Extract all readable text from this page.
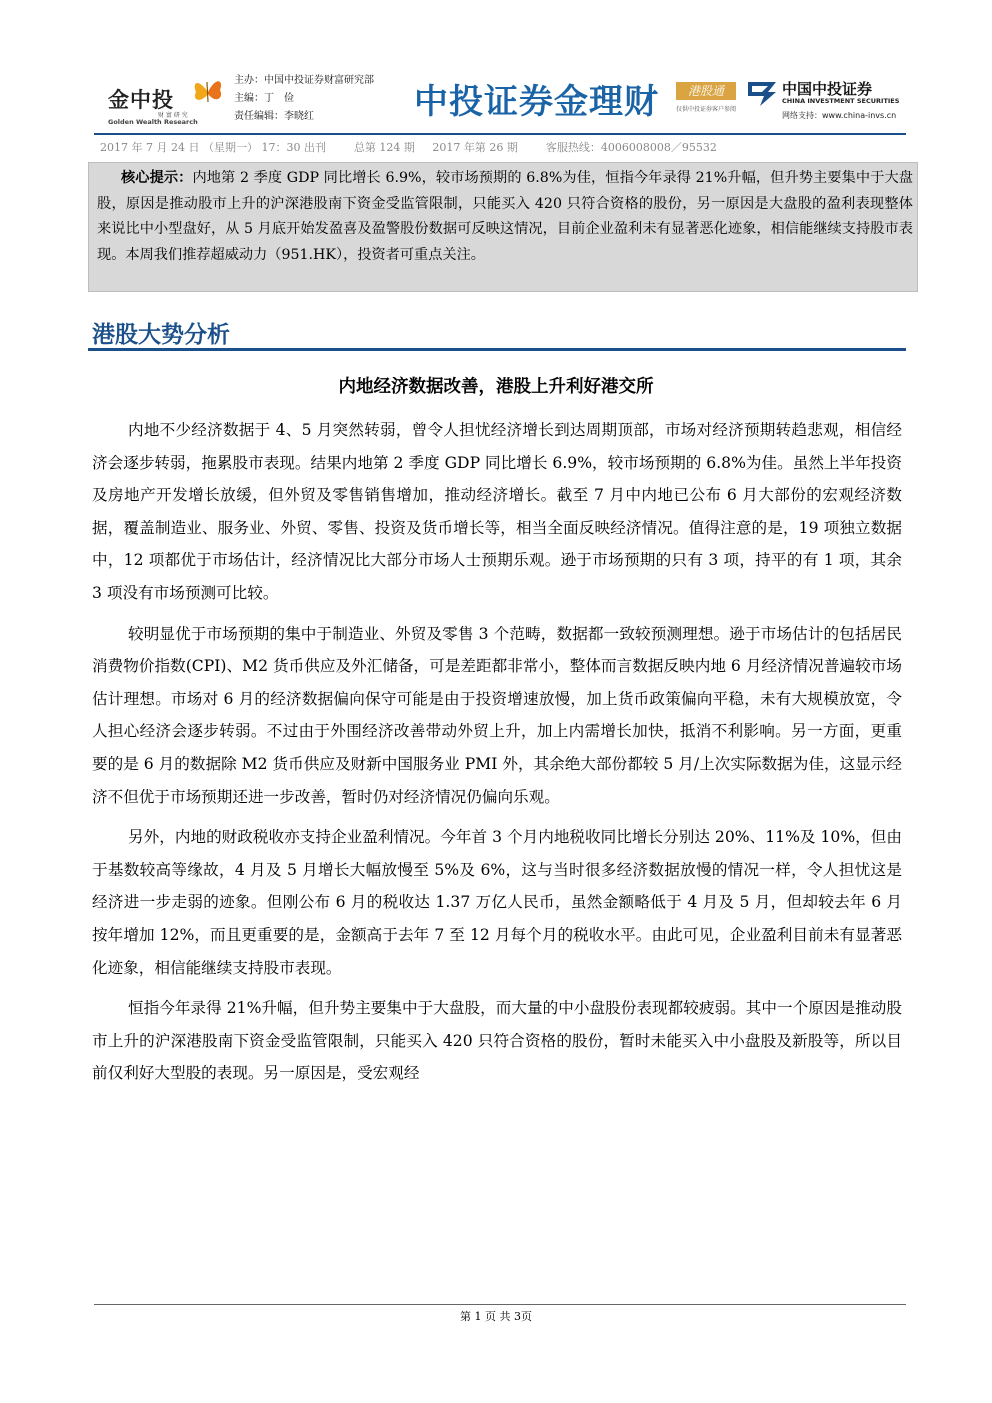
金中投
财 富 研 究
Golden Wealth Research
主办：中国中投证券财富研究部
主编：丁　俭
责任编辑：李晓红	中投证券金理财	港股通
仅供中投证券客户参阅
中国中投证券
CHINA INVESTMENT SECURITIES
网络支持：www.china-invs.cn
2017 年 7 月 24 日 （星期一） 17：30 出刊        总第 124 期     2017 年第 26 期        客服热线：4006008008／95532
核心提示：内地第 2 季度 GDP 同比增长 6.9%，较市场预期的 6.8%为佳，恒指今年录得 21%升幅，但升势主要集中于大盘股，原因是推动股市上升的沪深港股南下资金受监管限制，只能买入 420 只符合资格的股份，另一原因是大盘股的盈利表现整体来说比中小型盘好，从 5 月底开始发盈喜及盈警股份数据可反映这情况，目前企业盈利未有显著恶化迹象，相信能继续支持股市表现。本周我们推荐超威动力（951.HK），投资者可重点关注。
港股大势分析
内地经济数据改善，港股上升利好港交所

内地不少经济数据于 4、5 月突然转弱，曾令人担忧经济增长到达周期顶部，市场对经济预期转趋悲观，相信经济会逐步转弱，拖累股市表现。结果内地第 2 季度 GDP 同比增长 6.9%，较市场预期的 6.8%为佳。虽然上半年投资及房地产开发增长放缓，但外贸及零售销售增加，推动经济增长。截至 7 月中内地已公布 6 月大部份的宏观经济数据，覆盖制造业、服务业、外贸、零售、投资及货币增长等，相当全面反映经济情况。值得注意的是，19 项独立数据中，12 项都优于市场估计，经济情况比大部分市场人士预期乐观。逊于市场预期的只有 3 项，持平的有 1 项，其余 3 项没有市场预测可比较。

较明显优于市场预期的集中于制造业、外贸及零售 3 个范畴，数据都一致较预测理想。逊于市场估计的包括居民消费物价指数(CPI)、M2 货币供应及外汇储备，可是差距都非常小，整体而言数据反映内地 6 月经济情况普遍较市场估计理想。市场对 6 月的经济数据偏向保守可能是由于投资增速放慢，加上货币政策偏向平稳，未有大规模放宽，令人担心经济会逐步转弱。不过由于外围经济改善带动外贸上升，加上内需增长加快，抵消不利影响。另一方面，更重要的是 6 月的数据除 M2 货币供应及财新中国服务业 PMI 外，其余绝大部份都较 5 月/上次实际数据为佳，这显示经济不但优于市场预期还进一步改善，暂时仍对经济情况仍偏向乐观。

另外，内地的财政税收亦支持企业盈利情况。今年首 3 个月内地税收同比增长分别达 20%、11%及 10%，但由于基数较高等缘故，4 月及 5 月增长大幅放慢至 5%及 6%，这与当时很多经济数据放慢的情况一样，令人担忧这是经济进一步走弱的迹象。但刚公布 6 月的税收达 1.37 万亿人民币，虽然金额略低于 4 月及 5 月，但却较去年 6 月按年增加 12%，而且更重要的是，金额高于去年 7 至 12 月每个月的税收水平。由此可见，企业盈利目前未有显著恶化迹象，相信能继续支持股市表现。

恒指今年录得 21%升幅，但升势主要集中于大盘股，而大量的中小盘股份表现都较疲弱。其中一个原因是推动股市上升的沪深港股南下资金受监管限制，只能买入 420 只符合资格的股份，暂时未能买入中小盘股及新股等，所以目前仅利好大型股的表现。另一原因是，受宏观经

第 1 页 共 3页
